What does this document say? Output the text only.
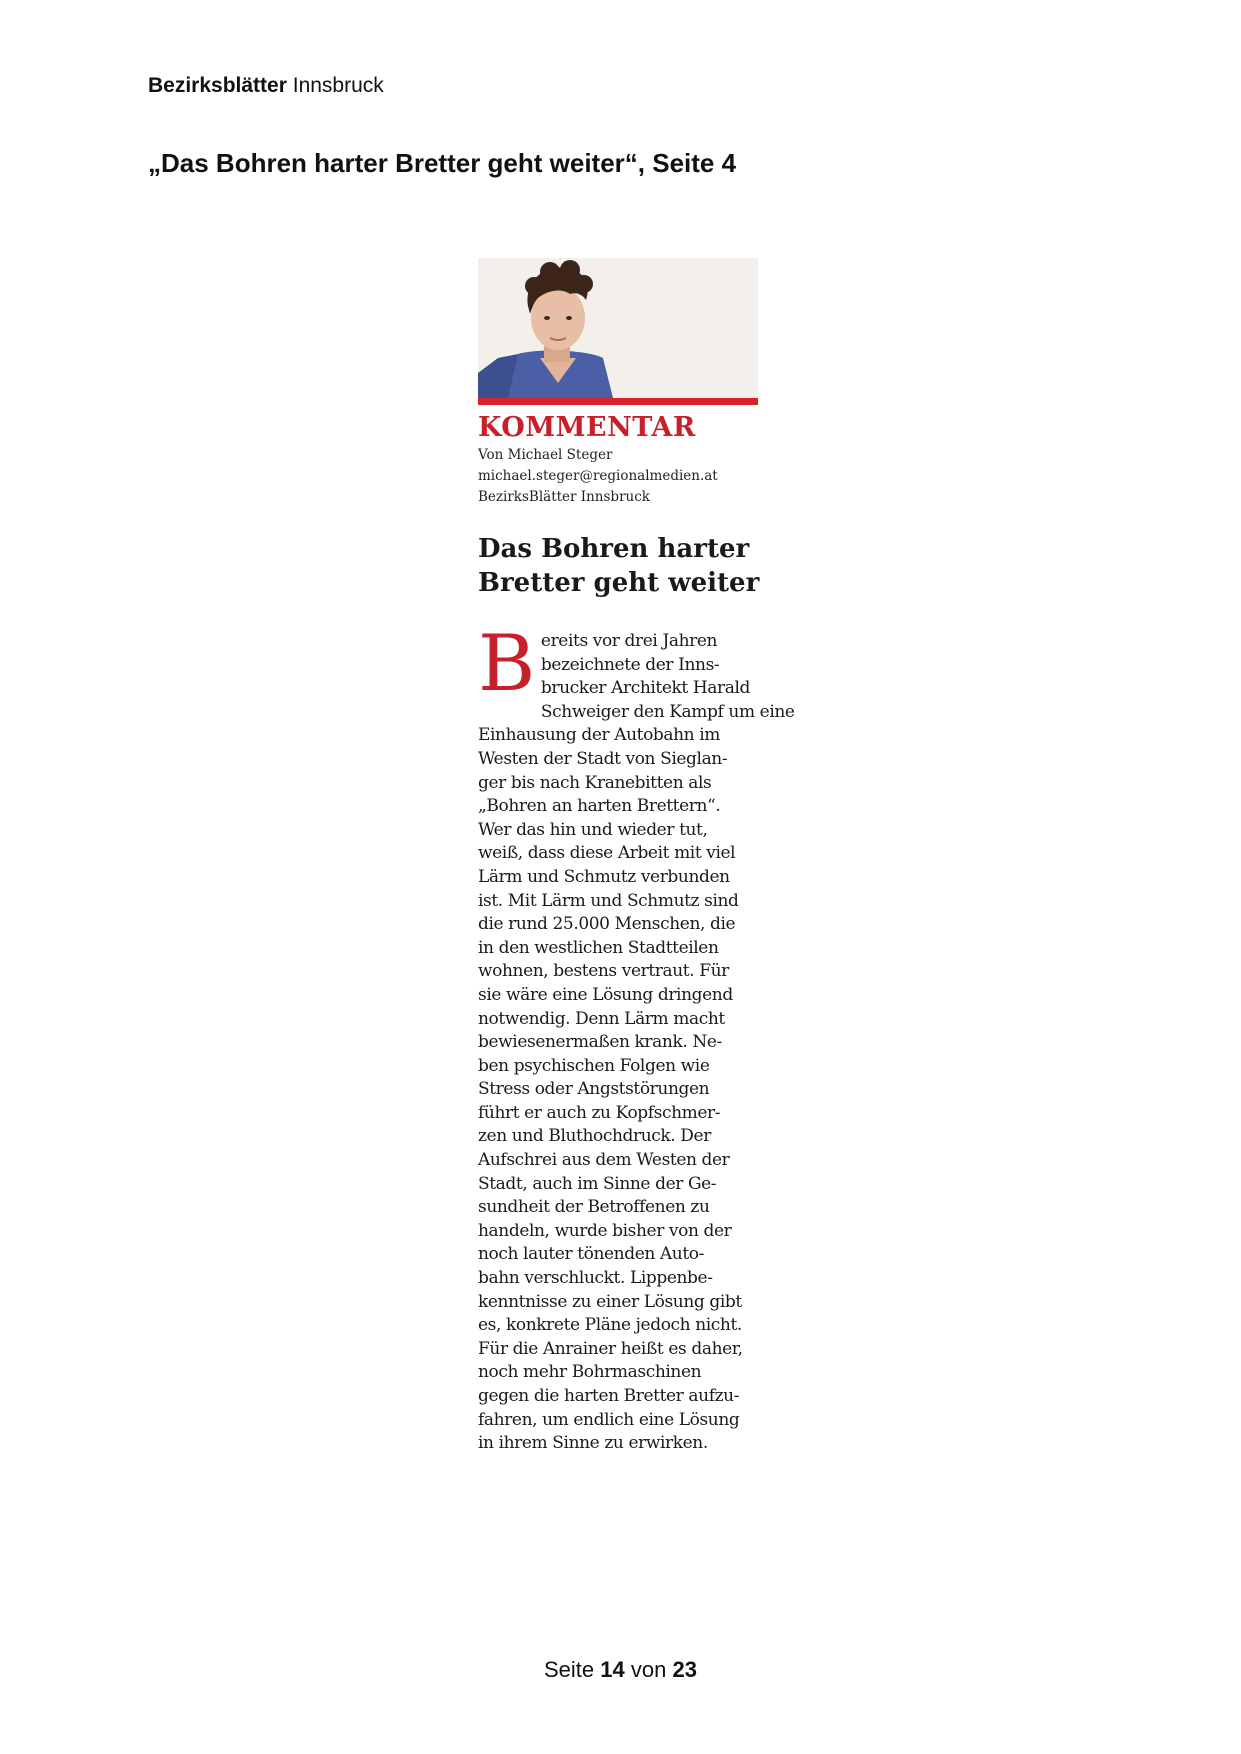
Bezirksblätter Innsbruck
„Das Bohren harter Bretter geht weiter“, Seite 4
KOMMENTAR
Von Michael Steger
michael.steger@regionalmedien.at
BezirksBlätter Innsbruck
Das Bohren harter
Bretter geht weiter
B ereits vor drei Jahren
bezeichnete der Inns-
brucker Architekt Harald
Schweiger den Kampf um eine
Einhausung der Autobahn im
Westen der Stadt von Sieglan-
ger bis nach Kranebitten als
„Bohren an harten Brettern“.
Wer das hin und wieder tut,
weiß, dass diese Arbeit mit viel
Lärm und Schmutz verbunden
ist. Mit Lärm und Schmutz sind
die rund 25.000 Menschen, die
in den westlichen Stadtteilen
wohnen, bestens vertraut. Für
sie wäre eine Lösung dringend
notwendig. Denn Lärm macht
bewiesenermaßen krank. Ne-
ben psychischen Folgen wie
Stress oder Angststörungen
führt er auch zu Kopfschmer-
zen und Bluthochdruck. Der
Aufschrei aus dem Westen der
Stadt, auch im Sinne der Ge-
sundheit der Betroffenen zu
handeln, wurde bisher von der
noch lauter tönenden Auto-
bahn verschluckt. Lippenbe-
kenntnisse zu einer Lösung gibt
es, konkrete Pläne jedoch nicht.
Für die Anrainer heißt es daher,
noch mehr Bohrmaschinen
gegen die harten Bretter aufzu-
fahren, um endlich eine Lösung
in ihrem Sinne zu erwirken.
Seite 14 von 23
